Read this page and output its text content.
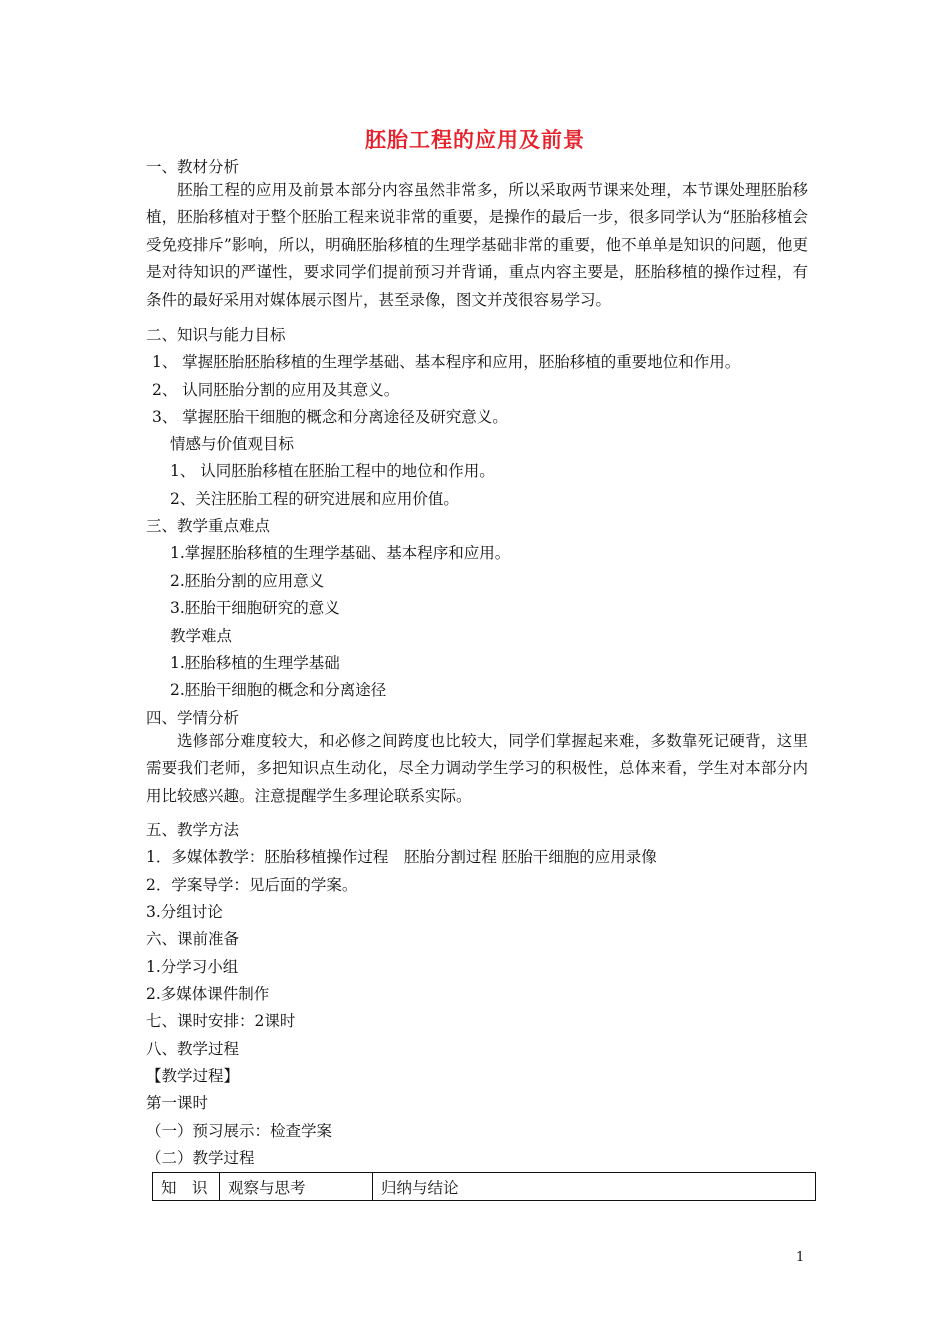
胚胎工程的应用及前景
一、教材分析
胚胎工程的应用及前景本部分内容虽然非常多，所以采取两节课来处理，本节课处理胚胎移植，胚胎移植对于整个胚胎工程来说非常的重要，是操作的最后一步，很多同学认为“胚胎移植会受免疫排斥”影响，所以，明确胚胎移植的生理学基础非常的重要，他不单单是知识的问题，他更是对待知识的严谨性，要求同学们提前预习并背诵，重点内容主要是，胚胎移植的操作过程，有条件的最好采用对媒体展示图片，甚至录像，图文并茂很容易学习。
二、知识与能力目标
1、 掌握胚胎胚胎移植的生理学基础、基本程序和应用，胚胎移植的重要地位和作用。
2、 认同胚胎分割的应用及其意义。
3、 掌握胚胎干细胞的概念和分离途径及研究意义。
情感与价值观目标
1、 认同胚胎移植在胚胎工程中的地位和作用。
2、关注胚胎工程的研究进展和应用价值。
三、教学重点难点
1.掌握胚胎移植的生理学基础、基本程序和应用。
2.胚胎分割的应用意义
3.胚胎干细胞研究的意义
教学难点
1.胚胎移植的生理学基础
2.胚胎干细胞的概念和分离途径
四、学情分析
选修部分难度较大，和必修之间跨度也比较大，同学们掌握起来难，多数靠死记硬背，这里需要我们老师，多把知识点生动化，尽全力调动学生学习的积极性，总体来看，学生对本部分内用比较感兴趣。注意提醒学生多理论联系实际。
五、教学方法
1．多媒体教学：胚胎移植操作过程　胚胎分割过程 胚胎干细胞的应用录像
2．学案导学：见后面的学案。
3.分组讨论
六、课前准备
1.分学习小组
2.多媒体课件制作
七、课时安排：2课时
八、教学过程
【教学过程】
第一课时
（一）预习展示：检查学案
（二）教学过程
知　识	观察与思考	归纳与结论
1
